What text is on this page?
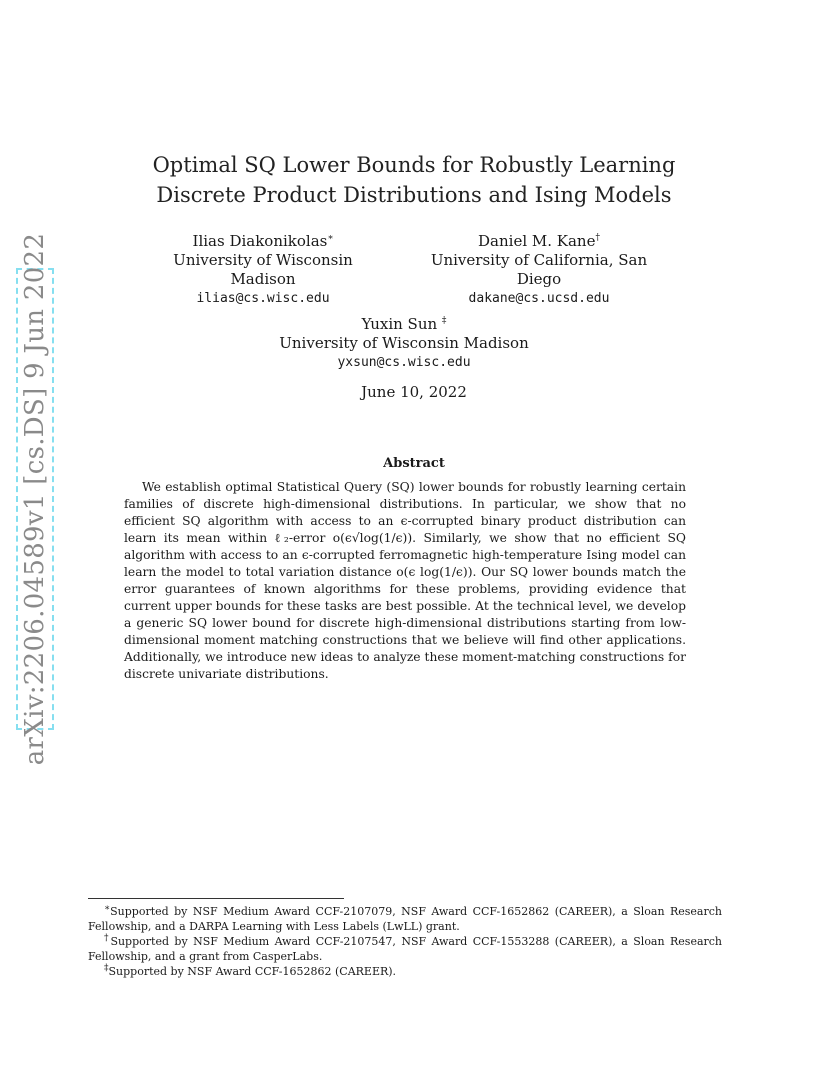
arXiv:2206.04589v1 [cs.DS] 9 Jun 2022
Optimal SQ Lower Bounds for Robustly Learning
Discrete Product Distributions and Ising Models
Ilias Diakonikolas∗
University of Wisconsin Madison
ilias@cs.wisc.edu
Daniel M. Kane†
University of California, San Diego
dakane@cs.ucsd.edu
Yuxin Sun ‡
University of Wisconsin Madison
yxsun@cs.wisc.edu
June 10, 2022
Abstract

We establish optimal Statistical Query (SQ) lower bounds for robustly learning certain families of discrete high-dimensional distributions. In particular, we show that no efficient SQ algorithm with access to an ϵ-corrupted binary product distribution can learn its mean within ℓ₂-error o(ϵ√log(1/ϵ)). Similarly, we show that no efficient SQ algorithm with access to an ϵ-corrupted ferromagnetic high-temperature Ising model can learn the model to total variation distance o(ϵ log(1/ϵ)). Our SQ lower bounds match the error guarantees of known algorithms for these problems, providing evidence that current upper bounds for these tasks are best possible. At the technical level, we develop a generic SQ lower bound for discrete high-dimensional distributions starting from low-dimensional moment matching constructions that we believe will find other applications. Additionally, we introduce new ideas to analyze these moment-matching constructions for discrete univariate distributions.

∗Supported by NSF Medium Award CCF-2107079, NSF Award CCF-1652862 (CAREER), a Sloan Research Fellowship, and a DARPA Learning with Less Labels (LwLL) grant.

†Supported by NSF Medium Award CCF-2107547, NSF Award CCF-1553288 (CAREER), a Sloan Research Fellowship, and a grant from CasperLabs.

‡Supported by NSF Award CCF-1652862 (CAREER).
